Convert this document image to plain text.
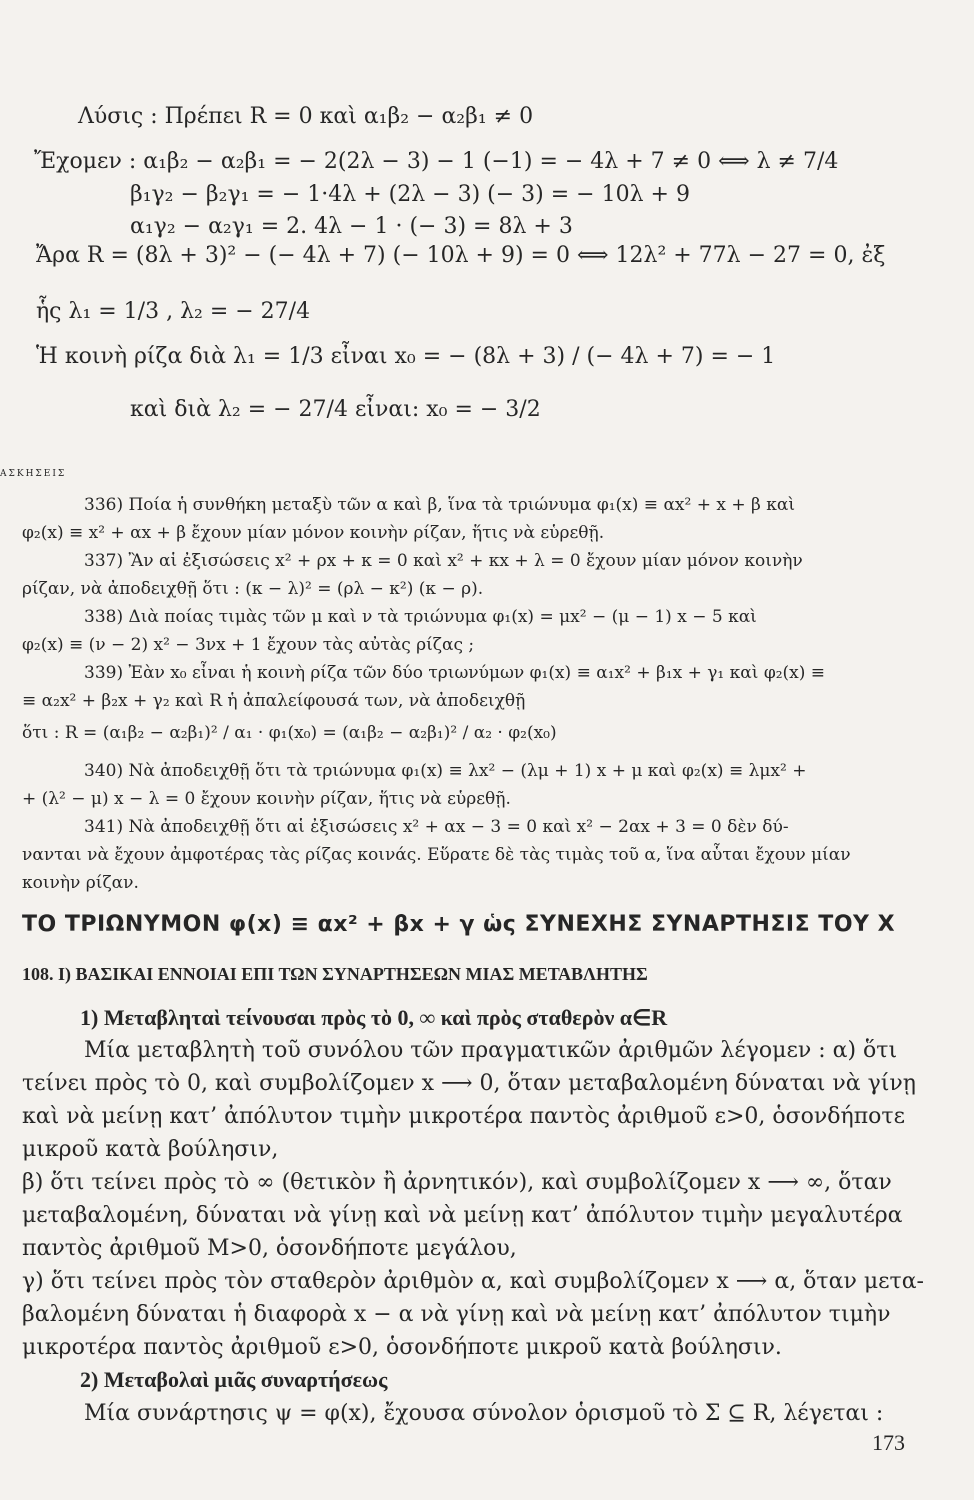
Λύσις : Πρέπει R = 0 καὶ α₁β₂ − α₂β₁ ≠ 0
Ἔχομεν : α₁β₂ − α₂β₁ = − 2(2λ − 3) − 1 (−1) = − 4λ + 7 ≠ 0 ⟺ λ ≠ 7/4
β₁γ₂ − β₂γ₁ = − 1·4λ + (2λ − 3) (− 3) = − 10λ + 9
α₁γ₂ − α₂γ₁ = 2. 4λ − 1 · (− 3) = 8λ + 3
Ἄρα R = (8λ + 3)² − (− 4λ + 7) (− 10λ + 9) = 0 ⟺ 12λ² + 77λ − 27 = 0, ἐξ
ἧς λ₁ = 1/3 , λ₂ = − 27/4
Ἡ κοινὴ ρίζα διὰ λ₁ = 1/3 εἶναι x₀ = − (8λ + 3) / (− 4λ + 7) = − 1
καὶ διὰ λ₂ = − 27/4 εἶναι: x₀ = − 3/2
ΑΣΚΗΣΕΙΣ
336) Ποία ἡ συνθήκη μεταξὺ τῶν α καὶ β, ἵνα τὰ τριώνυμα φ₁(x) ≡ αx² + x + β καὶ
φ₂(x) ≡ x² + αx + β ἔχουν μίαν μόνον κοινὴν ρίζαν, ἥτις νὰ εὑρεθῇ.
337) Ἂν αἱ ἐξισώσεις x² + ρx + κ = 0 καὶ x² + κx + λ = 0 ἔχουν μίαν μόνον κοινὴν
ρίζαν, νὰ ἀποδειχθῇ ὅτι : (κ − λ)² = (ρλ − κ²) (κ − ρ).
338) Διὰ ποίας τιμὰς τῶν μ καὶ ν τὰ τριώνυμα φ₁(x) = μx² − (μ − 1) x − 5 καὶ
φ₂(x) ≡ (ν − 2) x² − 3νx + 1 ἔχουν τὰς αὐτὰς ρίζας ;
339) Ἐὰν x₀ εἶναι ἡ κοινὴ ρίζα τῶν δύο τριωνύμων φ₁(x) ≡ α₁x² + β₁x + γ₁ καὶ φ₂(x) ≡
≡ α₂x² + β₂x + γ₂ καὶ R ἡ ἀπαλείφουσά των, νὰ ἀποδειχθῇ
ὅτι : R = (α₁β₂ − α₂β₁)² / α₁ · φ₁(x₀) = (α₁β₂ − α₂β₁)² / α₂ · φ₂(x₀)
340) Νὰ ἀποδειχθῇ ὅτι τὰ τριώνυμα φ₁(x) ≡ λx² − (λμ + 1) x + μ καὶ φ₂(x) ≡ λμx² +
+ (λ² − μ) x − λ = 0 ἔχουν κοινὴν ρίζαν, ἥτις νὰ εὑρεθῇ.
341) Νὰ ἀποδειχθῇ ὅτι αἱ ἐξισώσεις x² + αx − 3 = 0 καὶ x² − 2αx + 3 = 0 δὲν δύ-
νανται νὰ ἔχουν ἀμφοτέρας τὰς ρίζας κοινάς. Εὕρατε δὲ τὰς τιμὰς τοῦ α, ἵνα αὗται ἔχουν μίαν
κοινὴν ρίζαν.
ΤΟ ΤΡΙΩΝΥΜΟΝ φ(x) ≡ αx² + βx + γ ὡς ΣΥΝΕΧΗΣ ΣΥΝΑΡΤΗΣΙΣ ΤΟΥ Χ
108. Ι) ΒΑΣΙΚΑΙ ΕΝΝΟΙΑΙ ΕΠΙ ΤΩΝ ΣΥΝΑΡΤΗΣΕΩΝ ΜΙΑΣ ΜΕΤΑΒΛΗΤΗΣ
1) Μεταβληταὶ τείνουσαι πρὸς τὸ 0, ∞ καὶ πρὸς σταθερὸν α∈R
Μία μεταβλητὴ τοῦ συνόλου τῶν πραγματικῶν ἀριθμῶν λέγομεν : α) ὅτι
τείνει πρὸς τὸ 0, καὶ συμβολίζομεν x ⟶ 0, ὅταν μεταβαλομένη δύναται νὰ γίνῃ
καὶ νὰ μείνῃ κατ’ ἀπόλυτον τιμὴν μικροτέρα παντὸς ἀριθμοῦ ε>0, ὁσονδήποτε
μικροῦ κατὰ βούλησιν,
β) ὅτι τείνει πρὸς τὸ ∞ (θετικὸν ἢ ἀρνητικόν), καὶ συμβολίζομεν x ⟶ ∞, ὅταν
μεταβαλομένη, δύναται νὰ γίνῃ καὶ νὰ μείνῃ κατ’ ἀπόλυτον τιμὴν μεγαλυτέρα
παντὸς ἀριθμοῦ M>0, ὁσονδήποτε μεγάλου,
γ) ὅτι τείνει πρὸς τὸν σταθερὸν ἀριθμὸν α, καὶ συμβολίζομεν x ⟶ α, ὅταν μετα-
βαλομένη δύναται ἡ διαφορὰ x − α νὰ γίνῃ καὶ νὰ μείνῃ κατ’ ἀπόλυτον τιμὴν
μικροτέρα παντὸς ἀριθμοῦ ε>0, ὁσονδήποτε μικροῦ κατὰ βούλησιν.
2) Μεταβολαὶ μιᾶς συναρτήσεως
Μία συνάρτησις ψ = φ(x), ἔχουσα σύνολον ὁρισμοῦ τὸ Σ ⊆ R, λέγεται :
173
